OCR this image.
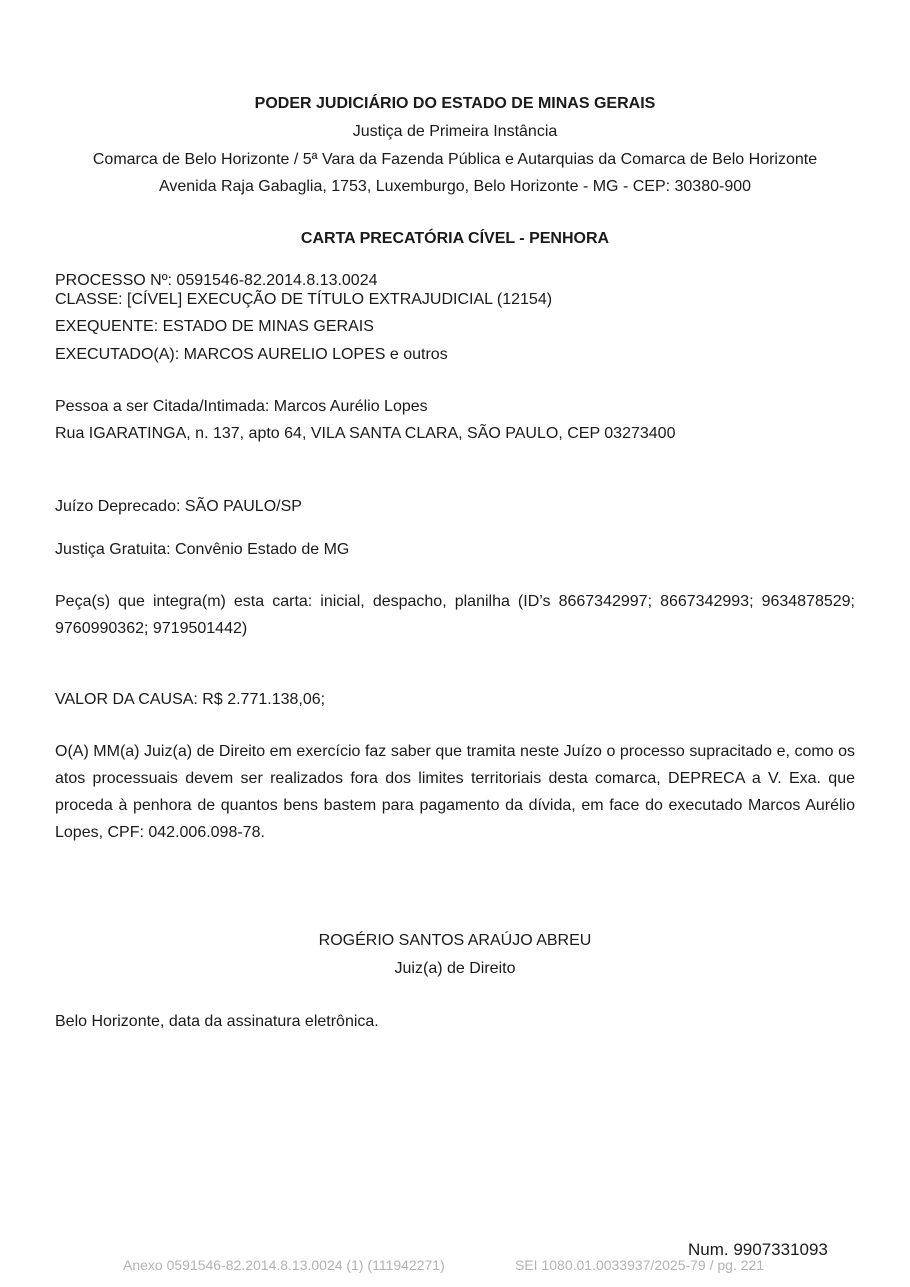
PODER JUDICIÁRIO DO ESTADO DE MINAS GERAIS
Justiça de Primeira Instância
Comarca de Belo Horizonte / 5ª Vara da Fazenda Pública e Autarquias da Comarca de Belo Horizonte
Avenida Raja Gabaglia, 1753, Luxemburgo, Belo Horizonte - MG - CEP: 30380-900
CARTA PRECATÓRIA CÍVEL - PENHORA
PROCESSO Nº: 0591546-82.2014.8.13.0024
CLASSE: [CÍVEL] EXECUÇÃO DE TÍTULO EXTRAJUDICIAL (12154)
EXEQUENTE: ESTADO DE MINAS GERAIS
EXECUTADO(A): MARCOS AURELIO LOPES e outros
Pessoa a ser Citada/Intimada: Marcos Aurélio Lopes
Rua IGARATINGA, n. 137, apto 64, VILA SANTA CLARA, SÃO PAULO, CEP 03273400
Juízo Deprecado: SÃO PAULO/SP
Justiça Gratuita: Convênio Estado de MG
Peça(s) que integra(m) esta carta: inicial, despacho, planilha (ID’s 8667342997; 8667342993; 9634878529; 9760990362; 9719501442)
VALOR DA CAUSA: R$ 2.771.138,06;
O(A) MM(a) Juiz(a) de Direito em exercício faz saber que tramita neste Juízo o processo supracitado e, como os atos processuais devem ser realizados fora dos limites territoriais desta comarca, DEPRECA a V. Exa. que proceda à penhora de quantos bens bastem para pagamento da dívida, em face do executado Marcos Aurélio Lopes, CPF: 042.006.098-78.
ROGÉRIO SANTOS ARAÚJO ABREU
Juiz(a) de Direito
Belo Horizonte, data da assinatura eletrônica.
Num. 9907331093
Anexo 0591546-82.2014.8.13.0024 (1) (111942271)	SEI 1080.01.0033937/2025-79 / pg. 221
